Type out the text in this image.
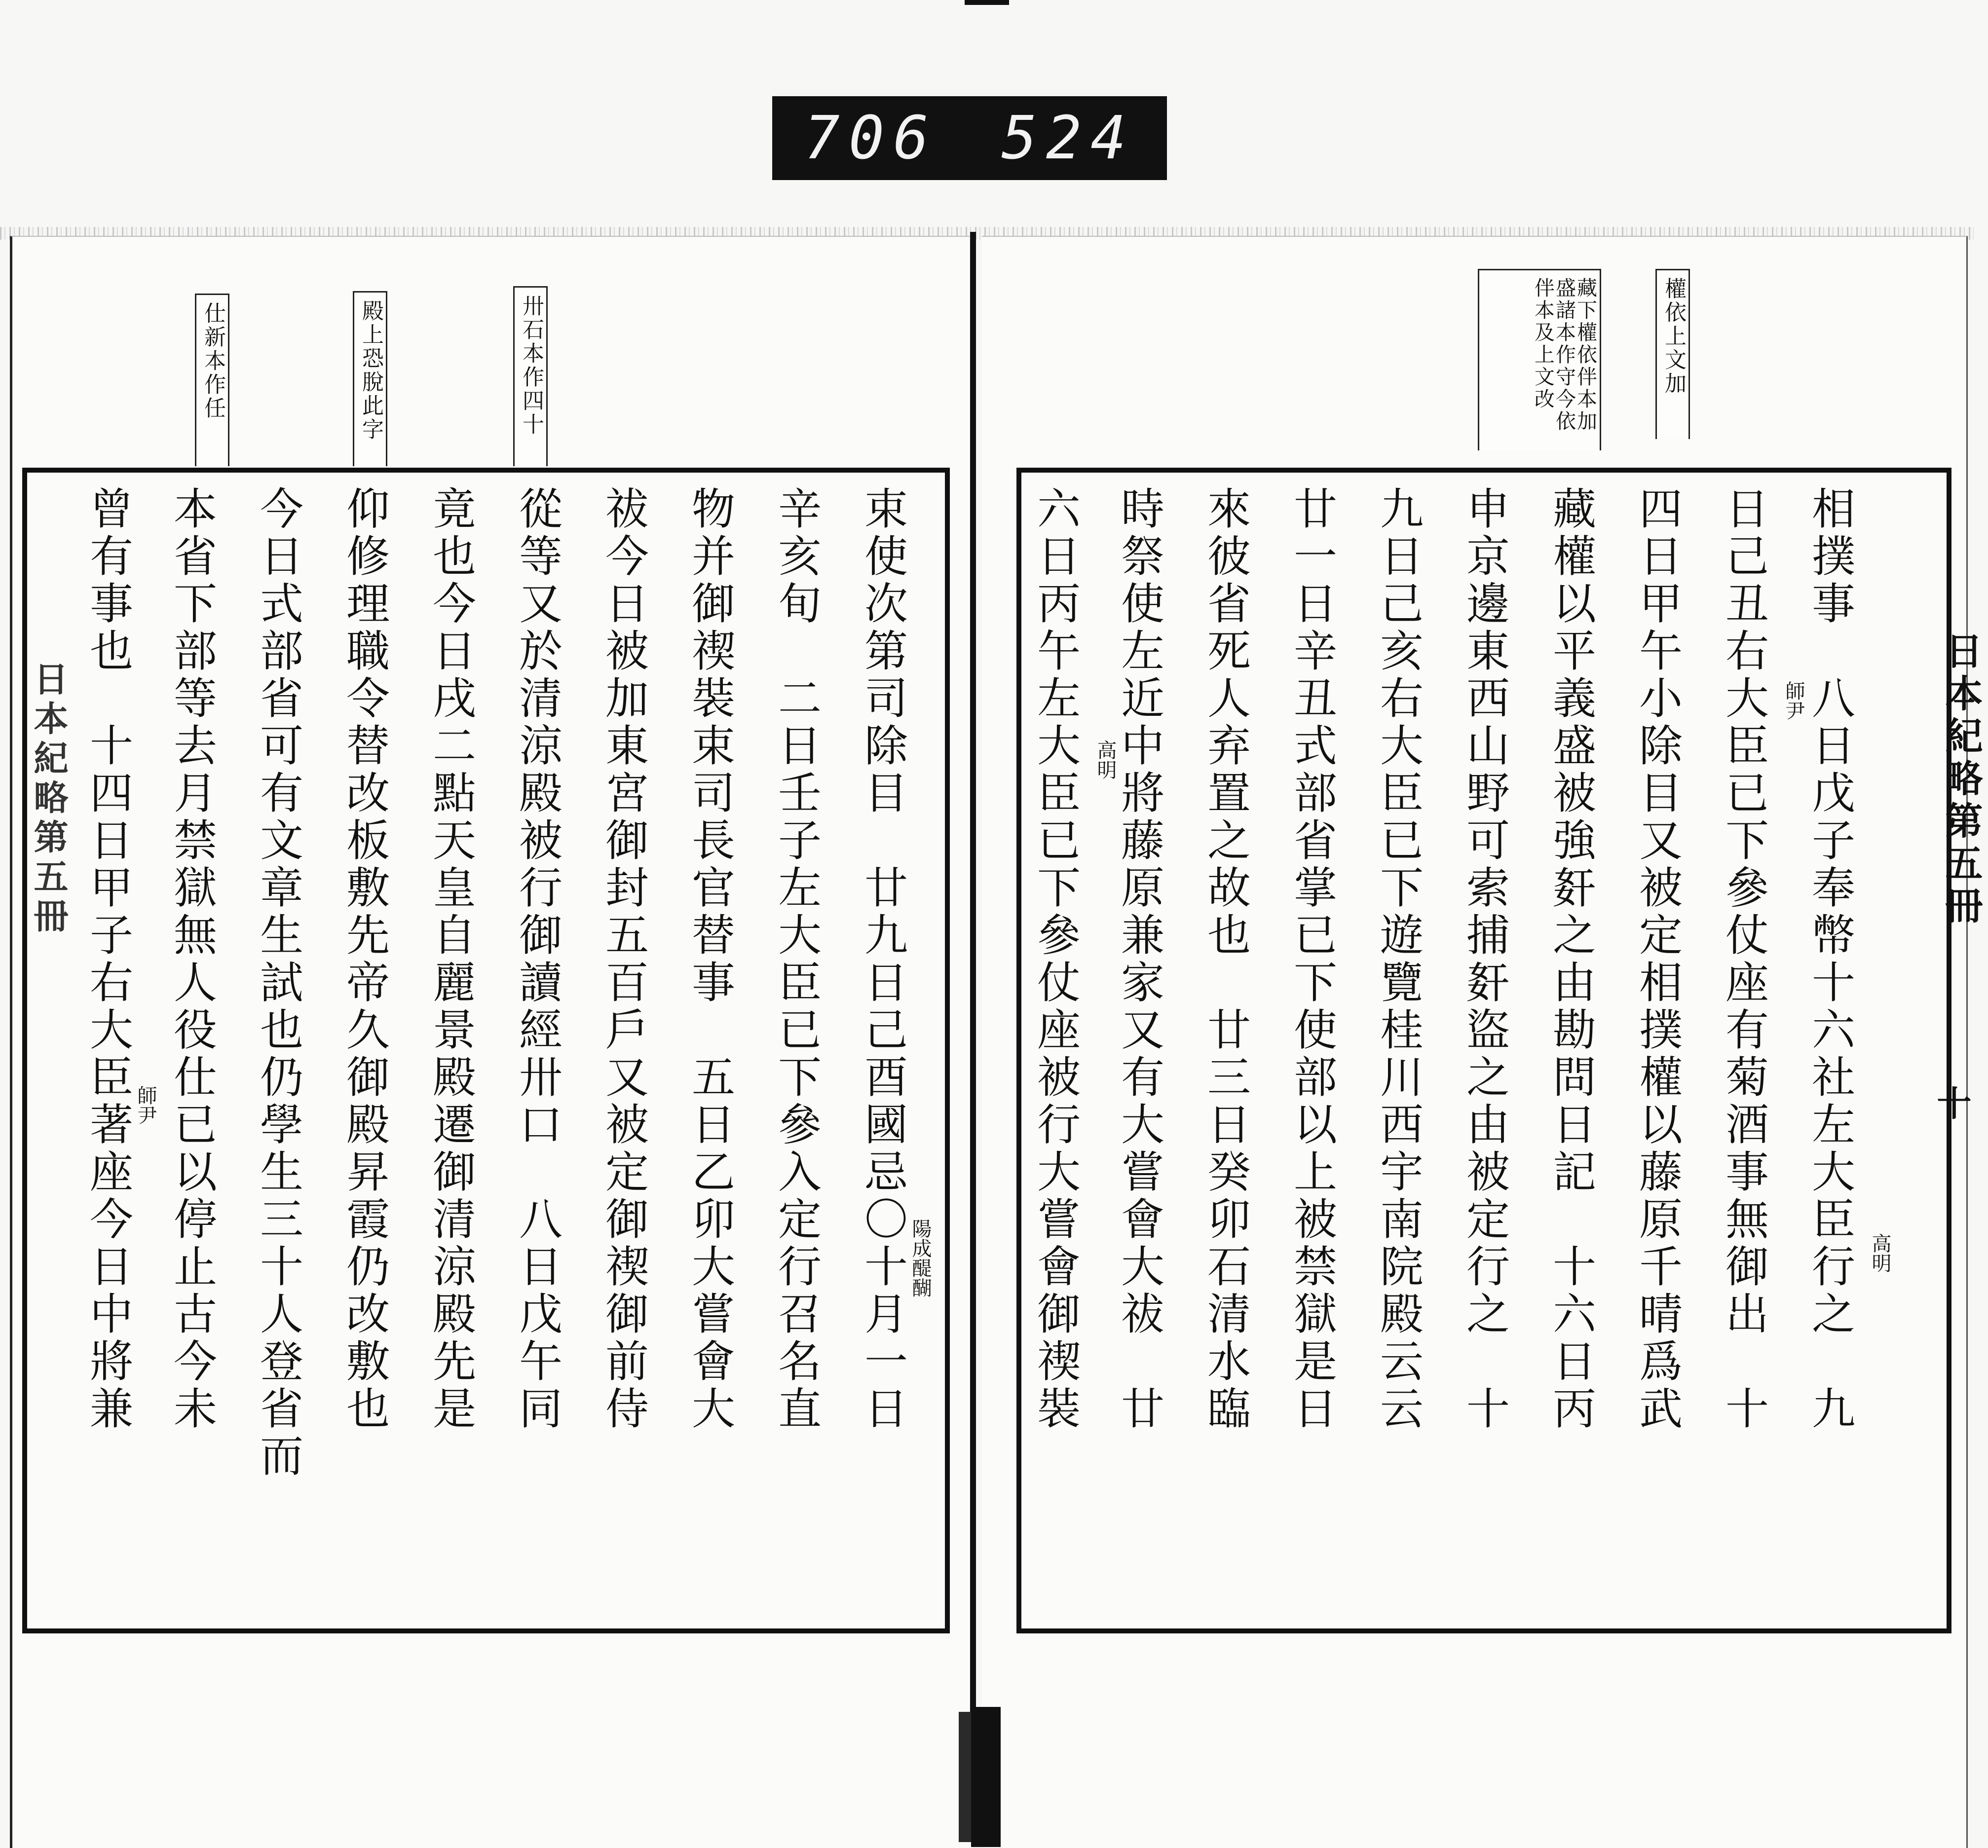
706 524
日本紀略第五冊
十
日本紀略第五冊
權依上文加
藏下權依伴本加盛諸本作守今依伴本及上文改
卅石本作四十
殿上恐脫此字
仕新本作任
相撲事　八日戊子奉幣十六社左大臣行之　九
日己丑右大臣已下參仗座有菊酒事無御出　十
四日甲午小除目又被定相撲權以藤原千晴爲武
藏權以平義盛被強姧之由勘問日記　十六日丙
申京邊東西山野可索捕姧盜之由被定行之　十
九日己亥右大臣已下遊覽桂川西宇南院殿云云
廿一日辛丑式部省掌已下使部以上被禁獄是日
來彼省死人弃置之故也　廿三日癸卯石清水臨
時祭使左近中將藤原兼家又有大嘗會大祓　廿
六日丙午左大臣已下參仗座被行大嘗會御禊裝	高明
師尹
高明
束使次第司除目　廿九日己酉國忌〇十月一日
辛亥旬　二日壬子左大臣已下參入定行召名直
物并御禊裝束司長官替事　五日乙卯大嘗會大
祓今日被加東宮御封五百戶又被定御禊御前侍
從等又於清涼殿被行御讀經卅口　八日戊午同
竟也今日戌二點天皇自麗景殿遷御清涼殿先是
仰修理職令替改板敷先帝久御殿昇霞仍改敷也
今日式部省可有文章生試也仍學生三十人登省而
本省下部等去月禁獄無人役仕已以停止古今未
曾有事也　十四日甲子右大臣著座今日中將兼	陽成醍醐
師尹
